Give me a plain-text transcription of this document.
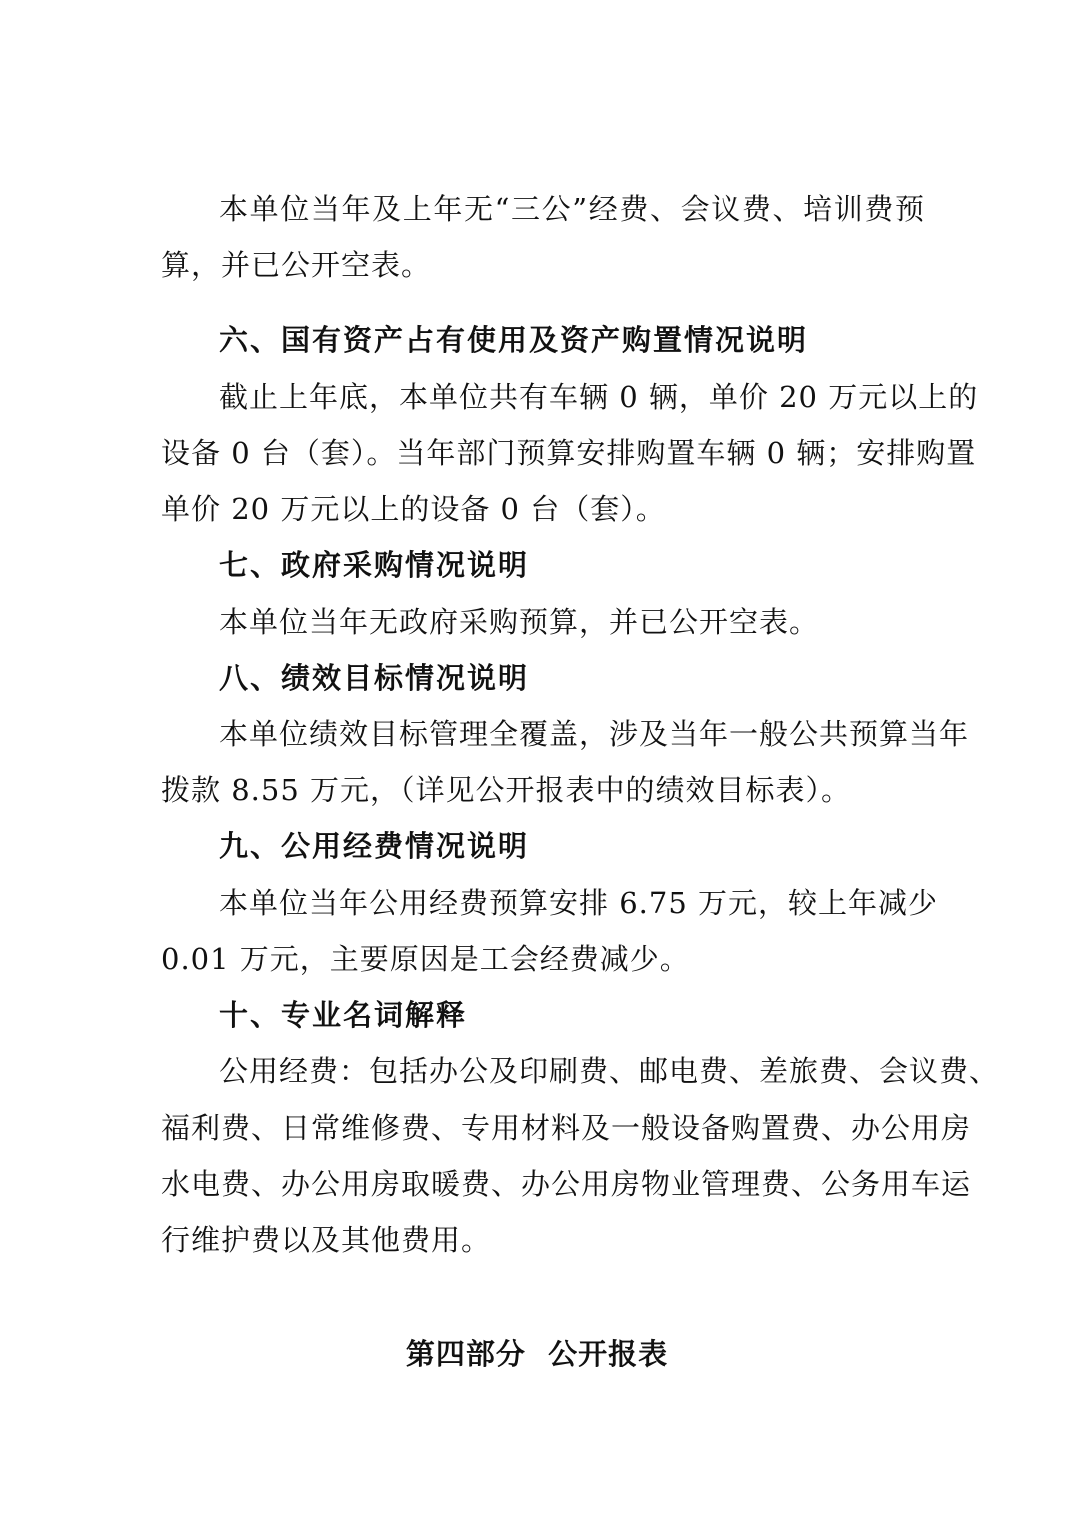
本单位当年及上年无“三公”经费、会议费、培训费预
算，并已公开空表。
六、国有资产占有使用及资产购置情况说明
截止上年底，本单位共有车辆 0 辆，单价 20 万元以上的
设备 0 台（套）。当年部门预算安排购置车辆 0 辆；安排购置
单价 20 万元以上的设备 0 台（套）。
七、政府采购情况说明
本单位当年无政府采购预算，并已公开空表。
八、绩效目标情况说明
本单位绩效目标管理全覆盖，涉及当年一般公共预算当年
拨款 8.55 万元，（详见公开报表中的绩效目标表）。
九、公用经费情况说明
本单位当年公用经费预算安排 6.75 万元，较上年减少
0.01 万元，主要原因是工会经费减少。
十、专业名词解释
公用经费：包括办公及印刷费、邮电费、差旅费、会议费、
福利费、日常维修费、专用材料及一般设备购置费、办公用房
水电费、办公用房取暖费、办公用房物业管理费、公务用车运
行维护费以及其他费用。
第四部分  公开报表
